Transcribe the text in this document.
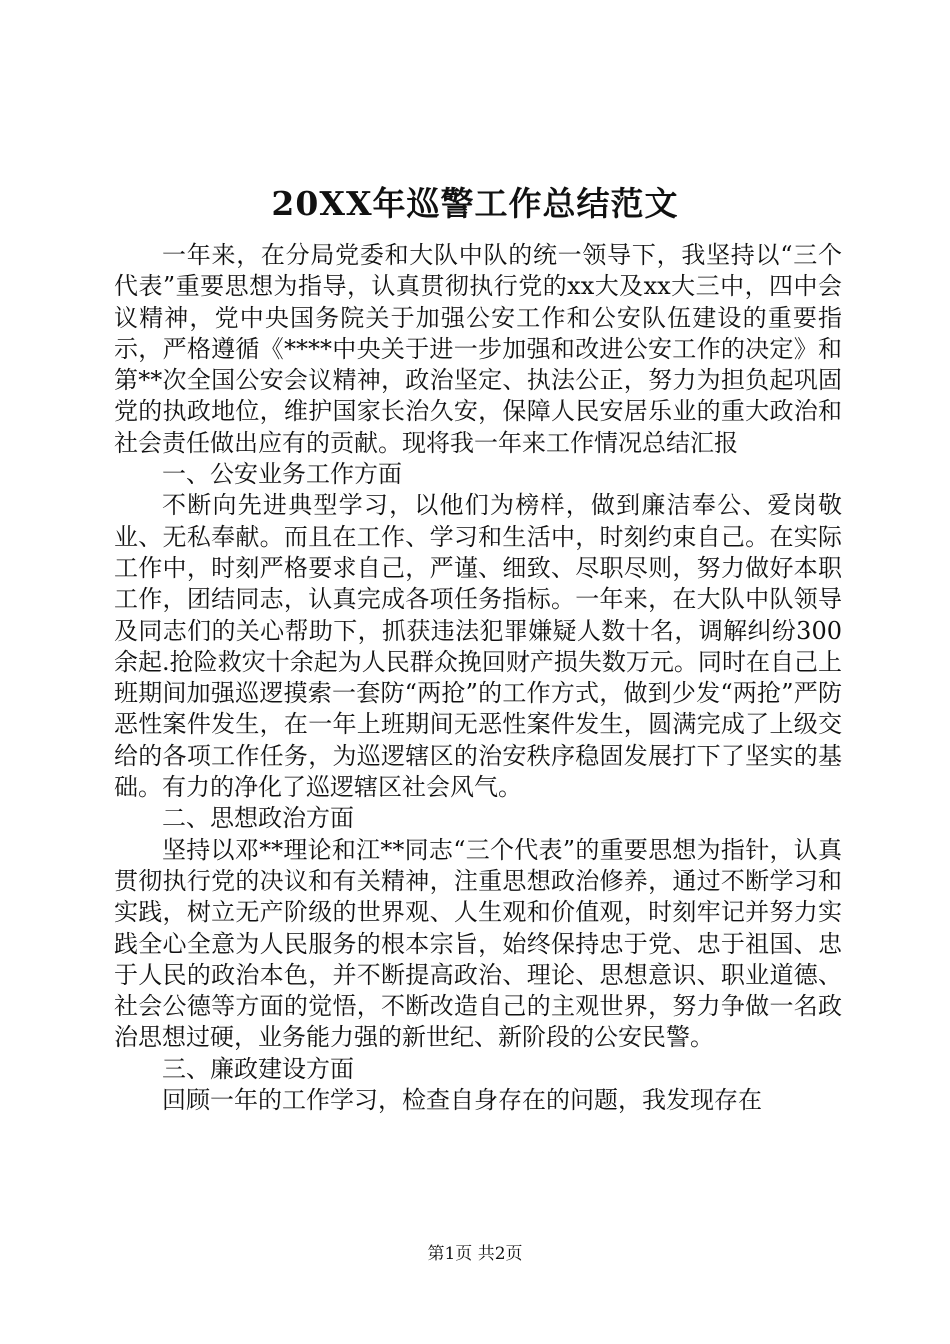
20XX年巡警工作总结范文

一年来，在分局党委和大队中队的统一领导下，我坚持以“三个代表”重要思想为指导，认真贯彻执行党的xx大及xx大三中，四中会议精神，党中央国务院关于加强公安工作和公安队伍建设的重要指示，严格遵循《****中央关于进一步加强和改进公安工作的决定》和第**次全国公安会议精神，政治坚定、执法公正，努力为担负起巩固党的执政地位，维护国家长治久安，保障人民安居乐业的重大政治和社会责任做出应有的贡献。现将我一年来工作情况总结汇报

一、公安业务工作方面

不断向先进典型学习，以他们为榜样，做到廉洁奉公、爱岗敬业、无私奉献。而且在工作、学习和生活中，时刻约束自己。在实际工作中，时刻严格要求自己，严谨、细致、尽职尽则，努力做好本职工作，团结同志，认真完成各项任务指标。一年来，在大队中队领导及同志们的关心帮助下，抓获违法犯罪嫌疑人数十名，调解纠纷300余起.抢险救灾十余起为人民群众挽回财产损失数万元。同时在自己上班期间加强巡逻摸索一套防“两抢”的工作方式，做到少发“两抢”严防恶性案件发生，在一年上班期间无恶性案件发生，圆满完成了上级交给的各项工作任务，为巡逻辖区的治安秩序稳固发展打下了坚实的基础。有力的净化了巡逻辖区社会风气。

二、思想政治方面

坚持以邓**理论和江**同志“三个代表”的重要思想为指针，认真贯彻执行党的决议和有关精神，注重思想政治修养，通过不断学习和实践，树立无产阶级的世界观、人生观和价值观，时刻牢记并努力实践全心全意为人民服务的根本宗旨，始终保持忠于党、忠于祖国、忠于人民的政治本色，并不断提高政治、理论、思想意识、职业道德、社会公德等方面的觉悟，不断改造自己的主观世界，努力争做一名政治思想过硬，业务能力强的新世纪、新阶段的公安民警。

三、廉政建设方面

回顾一年的工作学习，检查自身存在的问题，我发现存在

第1页 共2页
